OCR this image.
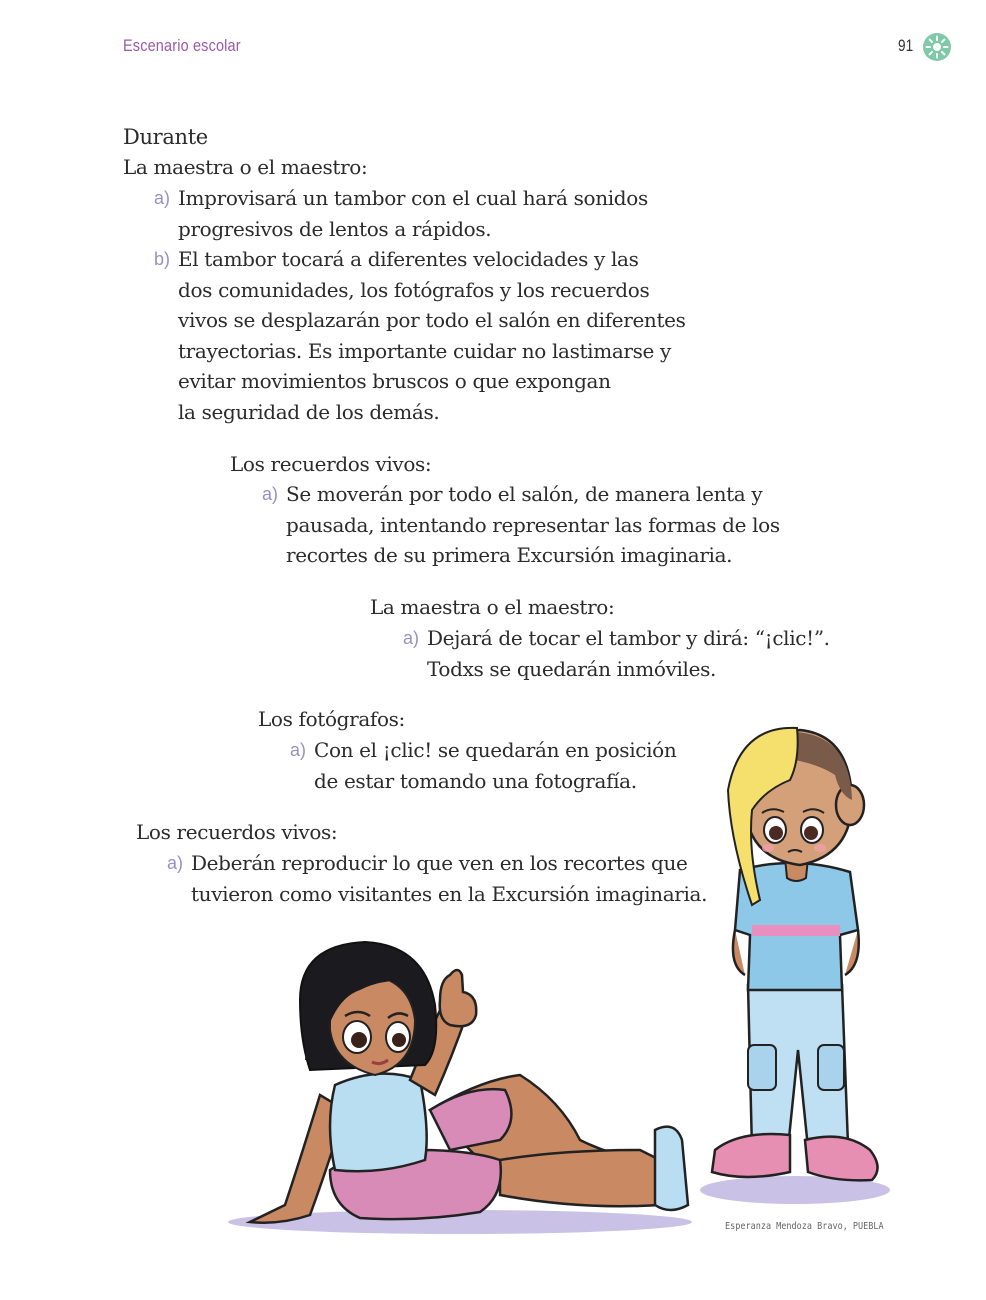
Escenario escolar	91
Durante
La maestra o el maestro:
a) Improvisará un tambor con el cual hará sonidos
progresivos de lentos a rápidos.
b) El tambor tocará a diferentes velocidades y las
dos comunidades, los fotógrafos y los recuerdos
vivos se desplazarán por todo el salón en diferentes
trayectorias. Es importante cuidar no lastimarse y
evitar movimientos bruscos o que expongan
la seguridad de los demás.
Los recuerdos vivos:
a) Se moverán por todo el salón, de manera lenta y
pausada, intentando representar las formas de los
recortes de su primera Excursión imaginaria.
La maestra o el maestro:
a) Dejará de tocar el tambor y dirá: “¡clic!”.
Todxs se quedarán inmóviles.
Los fotógrafos:
a) Con el ¡clic! se quedarán en posición
de estar tomando una fotografía.
Los recuerdos vivos:
a) Deberán reproducir lo que ven en los recortes que
tuvieron como visitantes en la Excursión imaginaria.
Esperanza Mendoza Bravo, PUEBLA
